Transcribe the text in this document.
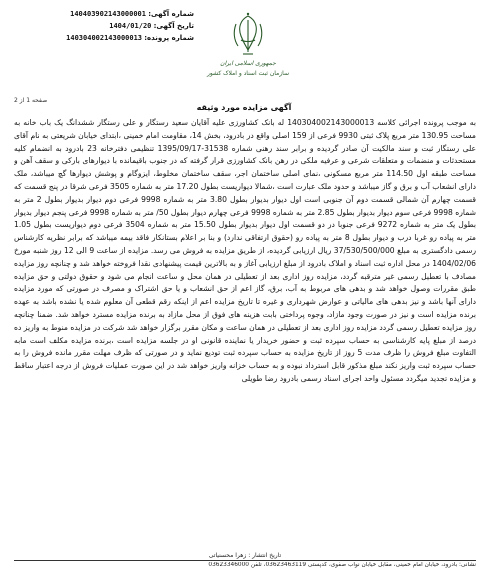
شماره آگهی: 140403902143000001
تاریخ آگهی: 1404/01/20
شماره پرونده: 140304002143000013
جمهوری اسلامی ایران
سازمان ثبت اسناد و املاک کشور
صفحه 1 از 2
آگهی مزایده مورد وثیقه
به موجب پرونده اجرائی کلاسه 140304002143000013 له بانک کشاورزی علیه آقایان سعید رستگار و علی رستگار ششدانگ یک باب خانه به مساحت 130.95 متر مربع پلاک ثبتی 9930 فرعی از 159 اصلی واقع در بادرود، بخش 14، مقاومت امام خمینی ،ابتدای خیابان شریعتی به نام آقای علی رستگار ثبت و سند مالکیت آن صادر گردیده و برابر سند رهنی شماره 31538-1395/09/17 تنظیمی دفترخانه 23 بادرود به انضمام کلیه مستحدثات و منضمات و متعلقات شرعی و عرفیه ملکی در رهن بانک کشاورزی قرار گرفته که در جنوب باقیمانده با دیوارهای بارکی و سقف آهن و مساحت طبقه اول 114.50 متر مربع مسکونی ،نمای اصلی ساختمان اجر، سقف ساختمان مخلوط، ایزوگام و پوشش دیوارها گچ میباشد، ملک دارای انشعاب آب و برق و گاز میباشد و حدود ملک عبارت است ،شمالا دیواریست بطول 17.20 متر به شماره 3505 فرعی شرقا در پنج قسمت که قسمت چهارم آن شمالی قسمت دوم آن جنوبی است اول دیوار بدیوار بطول 3.80 متر به شماره 9998 فرعی دوم دیوار بدیوار بطول 2 متر به شماره 9998 فرعی سوم دیوار بدیوار بطول 2.85 متر به شماره 9998 فرعی چهارم دیوار بطول 50/ متر به شماره 9998 فرعی پنجم دیوار بدیوار بطول یک متر به شماره 9272 فرعی جنوبا در دو قسمت اول دیوار بدیوار بطول 15.50 متر به شماره 3504 فرعی دوم دیواریست بطول 1.05 متر به پیاده رو غربا درب و دیوار بطول 8 متر به پیاده رو (حقوق ارتفاقی ندارد) و بنا بر اعلام بستانکار فاقد بیمه میباشد که برابر نظریه کارشناس رسمی دادگستری به مبلغ 37/530/500/000 ریال ارزیابی گردیده، از طریق مزایده به فروش می رسد. مزایده از ساعت 9 الی 12 روز شنبه مورخ 1404/02/06 در محل اداره ثبت اسناد و املاک بادرود از مبلغ ارزیابی آغاز و به بالاترین قیمت پیشنهادی نقدا فروخته خواهد شد و چنانچه روز مزایده مصادف با تعطیل رسمی غیر مترقبه گردد، مزایده روز اداری بعد از تعطیلی در همان محل و ساعت انجام می شود و حقوق دولتی و حق مزایده طبق مقررات وصول خواهد شد و بدهی های مربوط به آب، برق، گاز اعم از حق انشعاب و یا حق اشتراک و مصرف در صورتی که مورد مزایده دارای آنها باشد و نیز بدهی های مالیاتی و عوارض شهرداری و غیره تا تاریخ مزایده اعم از اینکه رقم قطعی آن معلوم شده یا نشده باشد به عهده برنده مزایده است و نیز در صورت وجود مازاد، وجوه پرداختی بابت هزینه های فوق از محل مازاد به برنده مزایده مسترد خواهد شد. ضمنا چنانچه روز مزایده تعطیل رسمی گردد مزایده روز اداری بعد از تعطیلی در همان ساعت و مکان مقرر برگزار خواهد شد شرکت در مزایده منوط به واریز ده درصد از مبلغ پایه کارشناسی به حساب سپرده ثبت و حضور خریدار یا نماینده قانونی او در جلسه مزایده است ،برنده مزایده مکلف است مابه التفاوت مبلغ فروش را ظرف مدت 5 روز از تاریخ مزایده به حساب سپرده ثبت تودیع نماید و در صورتی که ظرف مهلت مقرر مانده فروش را به حساب سپرده ثبت واریز نکند مبلغ مذکور قابل استرداد نبوده و به حساب خزانه واریز خواهد شد در این صورت عملیات فروش از درجه اعتبار ساقط و مزایده تجدید میگردد مسئول واحد اجرای اسناد رسمی بادرود رضا طویلی
تاریخ انتشار : زهرا محسنیاتی
نشانی: بادرود، خیابان امام خمینی، مقابل خیابان نواب صفوی، کدپستی 03623463119، تلفن 03623346000
